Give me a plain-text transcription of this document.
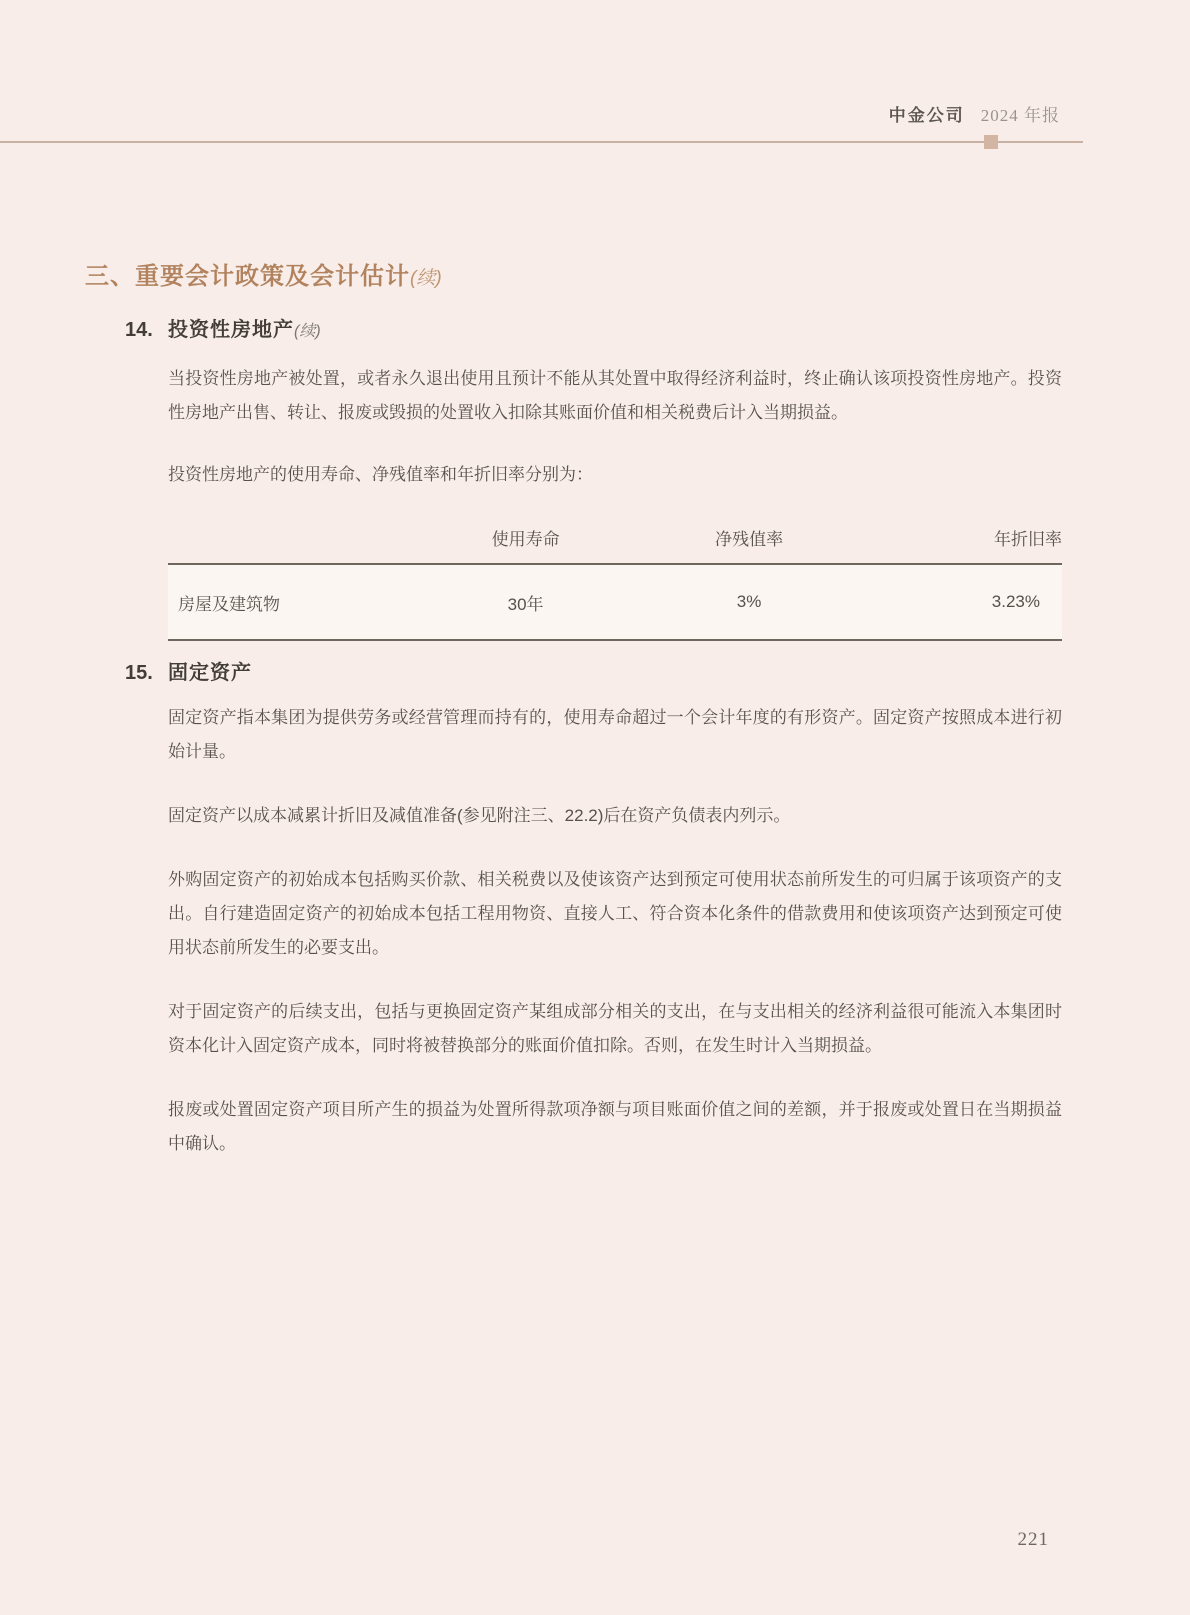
中金公司 2024 年报
三、重要会计政策及会计估计(续)
14. 投资性房地产(续)

当投资性房地产被处置，或者永久退出使用且预计不能从其处置中取得经济利益时，终止确认该项投资性房地产。投资性房地产出售、转让、报废或毁损的处置收入扣除其账面价值和相关税费后计入当期损益。

投资性房地产的使用寿命、净残值率和年折旧率分别为：

	使用寿命	净残值率	年折旧率
房屋及建筑物	30年	3%	3.23%
15. 固定资产

固定资产指本集团为提供劳务或经营管理而持有的，使用寿命超过一个会计年度的有形资产。固定资产按照成本进行初始计量。

固定资产以成本减累计折旧及减值准备(参见附注三、22.2)后在资产负债表内列示。

外购固定资产的初始成本包括购买价款、相关税费以及使该资产达到预定可使用状态前所发生的可归属于该项资产的支出。自行建造固定资产的初始成本包括工程用物资、直接人工、符合资本化条件的借款费用和使该项资产达到预定可使用状态前所发生的必要支出。

对于固定资产的后续支出，包括与更换固定资产某组成部分相关的支出，在与支出相关的经济利益很可能流入本集团时资本化计入固定资产成本，同时将被替换部分的账面价值扣除。否则，在发生时计入当期损益。

报废或处置固定资产项目所产生的损益为处置所得款项净额与项目账面价值之间的差额，并于报废或处置日在当期损益中确认。

221
